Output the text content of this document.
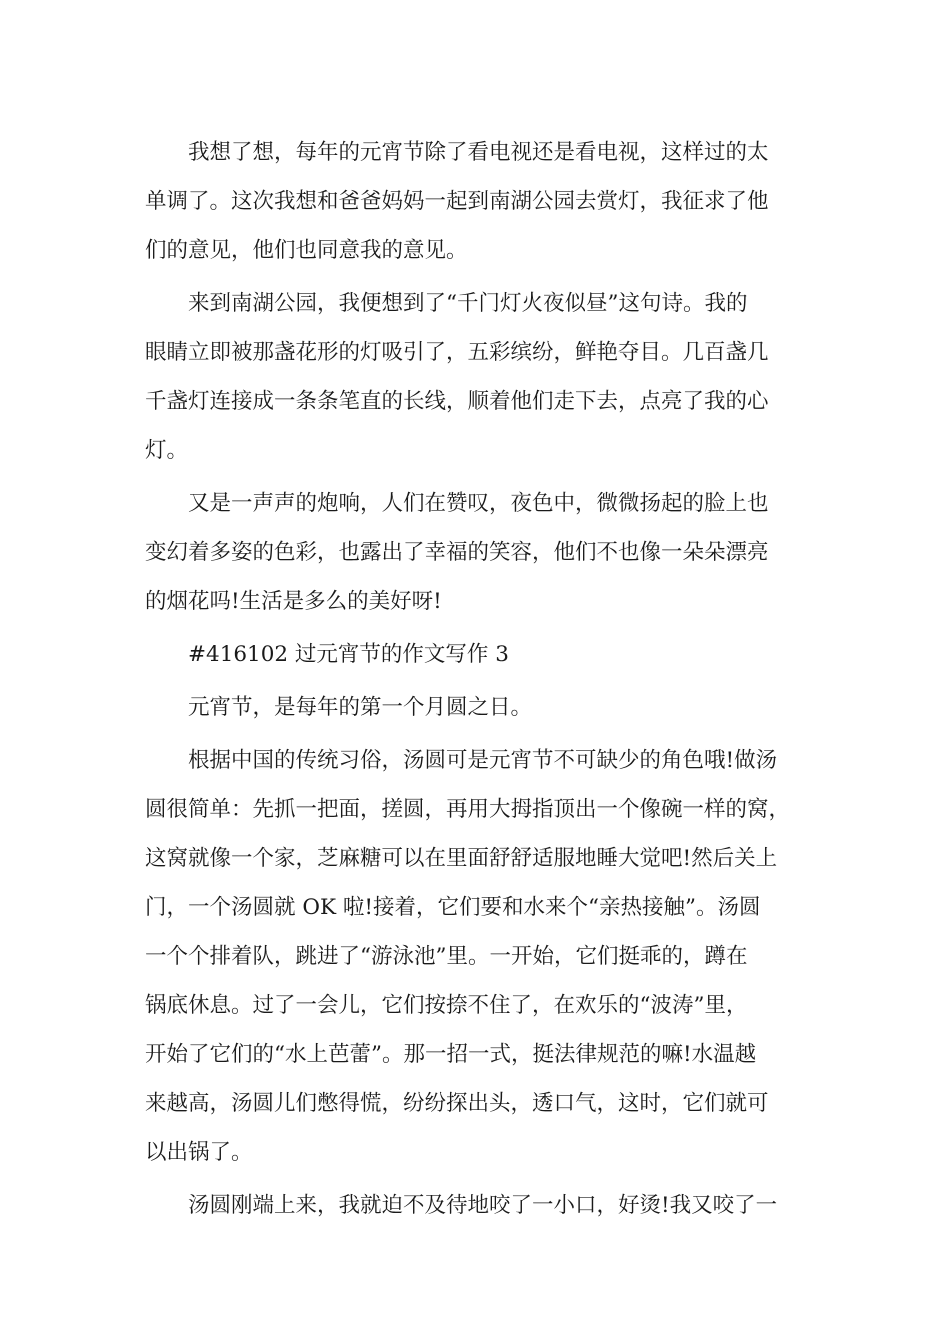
我想了想，每年的元宵节除了看电视还是看电视，这样过的太
单调了。这次我想和爸爸妈妈一起到南湖公园去赏灯，我征求了他
们的意见，他们也同意我的意见。

来到南湖公园，我便想到了“千门灯火夜似昼”这句诗。我的
眼睛立即被那盏花形的灯吸引了，五彩缤纷，鲜艳夺目。几百盏几
千盏灯连接成一条条笔直的长线，顺着他们走下去，点亮了我的心
灯。

又是一声声的炮响，人们在赞叹，夜色中，微微扬起的脸上也
变幻着多姿的色彩，也露出了幸福的笑容，他们不也像一朵朵漂亮
的烟花吗!生活是多么的美好呀!

#416102 过元宵节的作文写作 3

元宵节，是每年的第一个月圆之日。

根据中国的传统习俗，汤圆可是元宵节不可缺少的角色哦!做汤
圆很简单：先抓一把面，搓圆，再用大拇指顶出一个像碗一样的窝，
这窝就像一个家，芝麻糖可以在里面舒舒适服地睡大觉吧!然后关上
门，一个汤圆就 OK 啦!接着，它们要和水来个“亲热接触”。汤圆
一个个排着队，跳进了“游泳池”里。一开始，它们挺乖的，蹲在
锅底休息。过了一会儿，它们按捺不住了，在欢乐的“波涛”里，
开始了它们的“水上芭蕾”。那一招一式，挺法律规范的嘛!水温越
来越高，汤圆儿们憋得慌，纷纷探出头，透口气，这时，它们就可
以出锅了。

汤圆刚端上来，我就迫不及待地咬了一小口，好烫!我又咬了一
